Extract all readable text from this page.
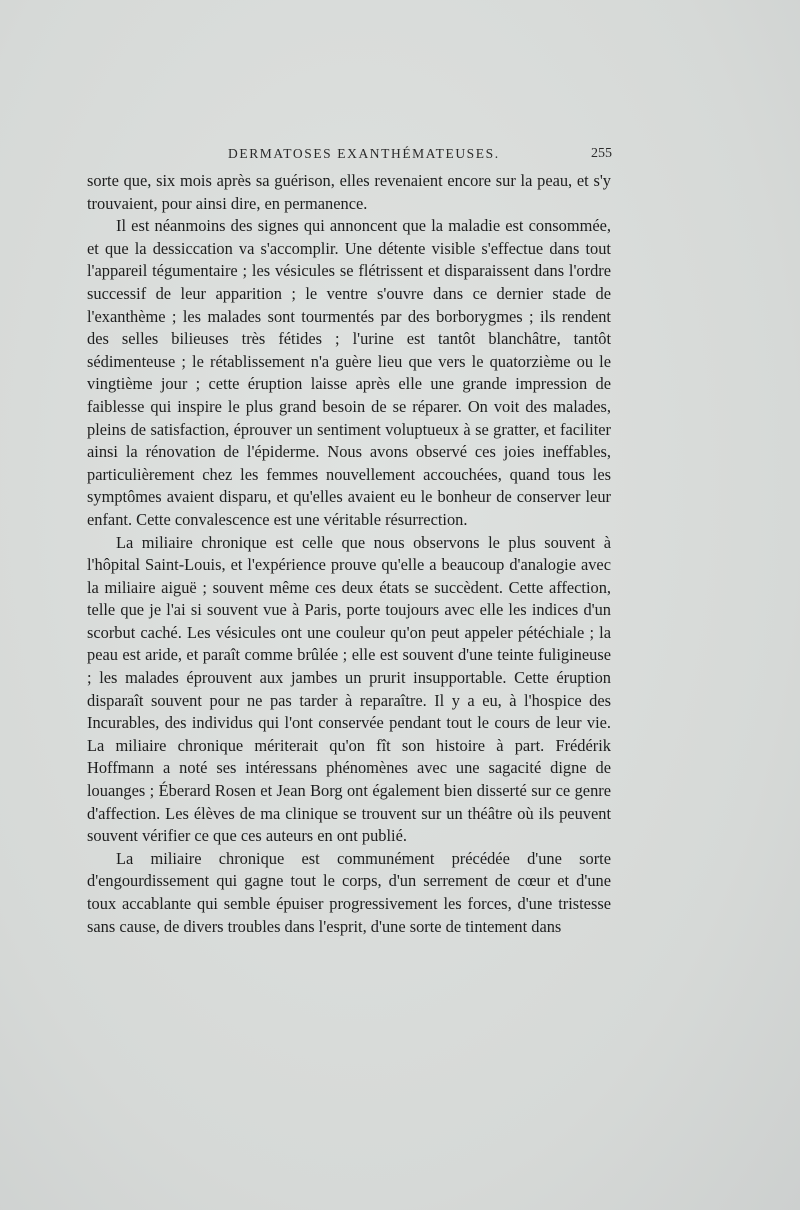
DERMATOSES EXANTHÉMATEUSES.	255

sorte que, six mois après sa guérison, elles revenaient encore sur la peau, et s'y trouvaient, pour ainsi dire, en permanence.

Il est néanmoins des signes qui annoncent que la maladie est consommée, et que la dessiccation va s'accomplir. Une détente visible s'effectue dans tout l'appareil tégumentaire ; les vésicules se flétrissent et disparaissent dans l'ordre successif de leur apparition ; le ventre s'ouvre dans ce dernier stade de l'exanthème ; les malades sont tourmentés par des borborygmes ; ils rendent des selles bilieuses très fétides ; l'urine est tantôt blanchâtre, tantôt sédimenteuse ; le rétablissement n'a guère lieu que vers le quatorzième ou le vingtième jour ; cette éruption laisse après elle une grande impression de faiblesse qui inspire le plus grand besoin de se réparer. On voit des malades, pleins de satisfaction, éprouver un sentiment voluptueux à se gratter, et faciliter ainsi la rénovation de l'épiderme. Nous avons observé ces joies ineffables, particulièrement chez les femmes nouvellement accouchées, quand tous les symptômes avaient disparu, et qu'elles avaient eu le bonheur de conserver leur enfant. Cette convalescence est une véritable résurrection.

La miliaire chronique est celle que nous observons le plus souvent à l'hôpital Saint-Louis, et l'expérience prouve qu'elle a beaucoup d'analogie avec la miliaire aiguë ; souvent même ces deux états se succèdent. Cette affection, telle que je l'ai si souvent vue à Paris, porte toujours avec elle les indices d'un scorbut caché. Les vésicules ont une couleur qu'on peut appeler pétéchiale ; la peau est aride, et paraît comme brûlée ; elle est souvent d'une teinte fuligineuse ; les malades éprouvent aux jambes un prurit insupportable. Cette éruption disparaît souvent pour ne pas tarder à reparaître. Il y a eu, à l'hospice des Incurables, des individus qui l'ont conservée pendant tout le cours de leur vie. La miliaire chronique mériterait qu'on fît son histoire à part. Frédérik Hoffmann a noté ses intéressans phénomènes avec une sagacité digne de louanges ; Éberard Rosen et Jean Borg ont également bien disserté sur ce genre d'affection. Les élèves de ma clinique se trouvent sur un théâtre où ils peuvent souvent vérifier ce que ces auteurs en ont publié.

La miliaire chronique est communément précédée d'une sorte d'engourdissement qui gagne tout le corps, d'un serrement de cœur et d'une toux accablante qui semble épuiser progressivement les forces, d'une tristesse sans cause, de divers troubles dans l'esprit, d'une sorte de tintement dans
